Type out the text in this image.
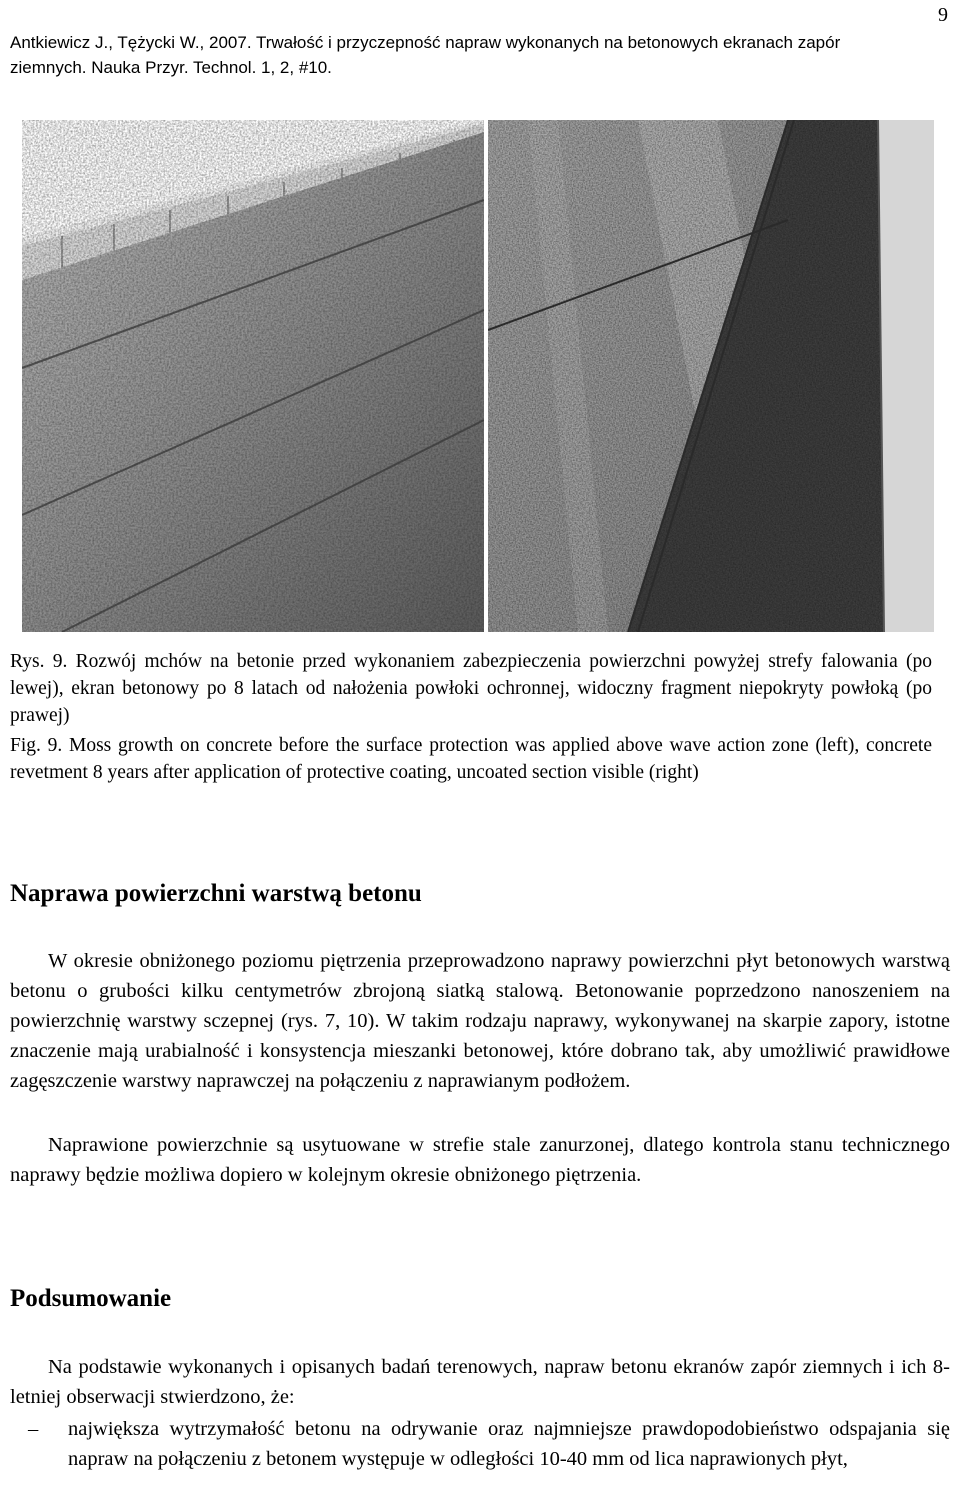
9
Antkiewicz J., Tężycki W., 2007. Trwałość i przyczepność napraw wykonanych na betonowych ekranach zapór ziemnych. Nauka Przyr. Technol. 1, 2, #10.
Rys. 9. Rozwój mchów na betonie przed wykonaniem zabezpieczenia powierzchni powyżej strefy falowania (po lewej), ekran betonowy po 8 latach od nałożenia powłoki ochronnej, widoczny fragment niepokryty powłoką (po prawej)
Fig. 9. Moss growth on concrete before the surface protection was applied above wave action zone (left), concrete revetment 8 years after application of protective coating, uncoated section visible (right)
Naprawa powierzchni warstwą betonu

W okresie obniżonego poziomu piętrzenia przeprowadzono naprawy powierzchni płyt betonowych warstwą betonu o grubości kilku centymetrów zbrojoną siatką stalową. Betonowanie poprzedzono nanoszeniem na powierzchnię warstwy sczepnej (rys. 7, 10). W takim rodzaju naprawy, wykonywanej na skarpie zapory, istotne znaczenie mają urabialność i konsystencja mieszanki betonowej, które dobrano tak, aby umożliwić prawidłowe zagęszczenie warstwy naprawczej na połączeniu z naprawianym podłożem.

Naprawione powierzchnie są usytuowane w strefie stale zanurzonej, dlatego kontrola stanu technicznego naprawy będzie możliwa dopiero w kolejnym okresie obniżonego piętrzenia.

Podsumowanie

Na podstawie wykonanych i opisanych badań terenowych, napraw betonu ekranów zapór ziemnych i ich 8-letniej obserwacji stwierdzono, że:

– największa wytrzymałość betonu na odrywanie oraz najmniejsze prawdopodobieństwo odspajania się napraw na połączeniu z betonem występuje w odległości 10-40 mm od lica naprawionych płyt,
